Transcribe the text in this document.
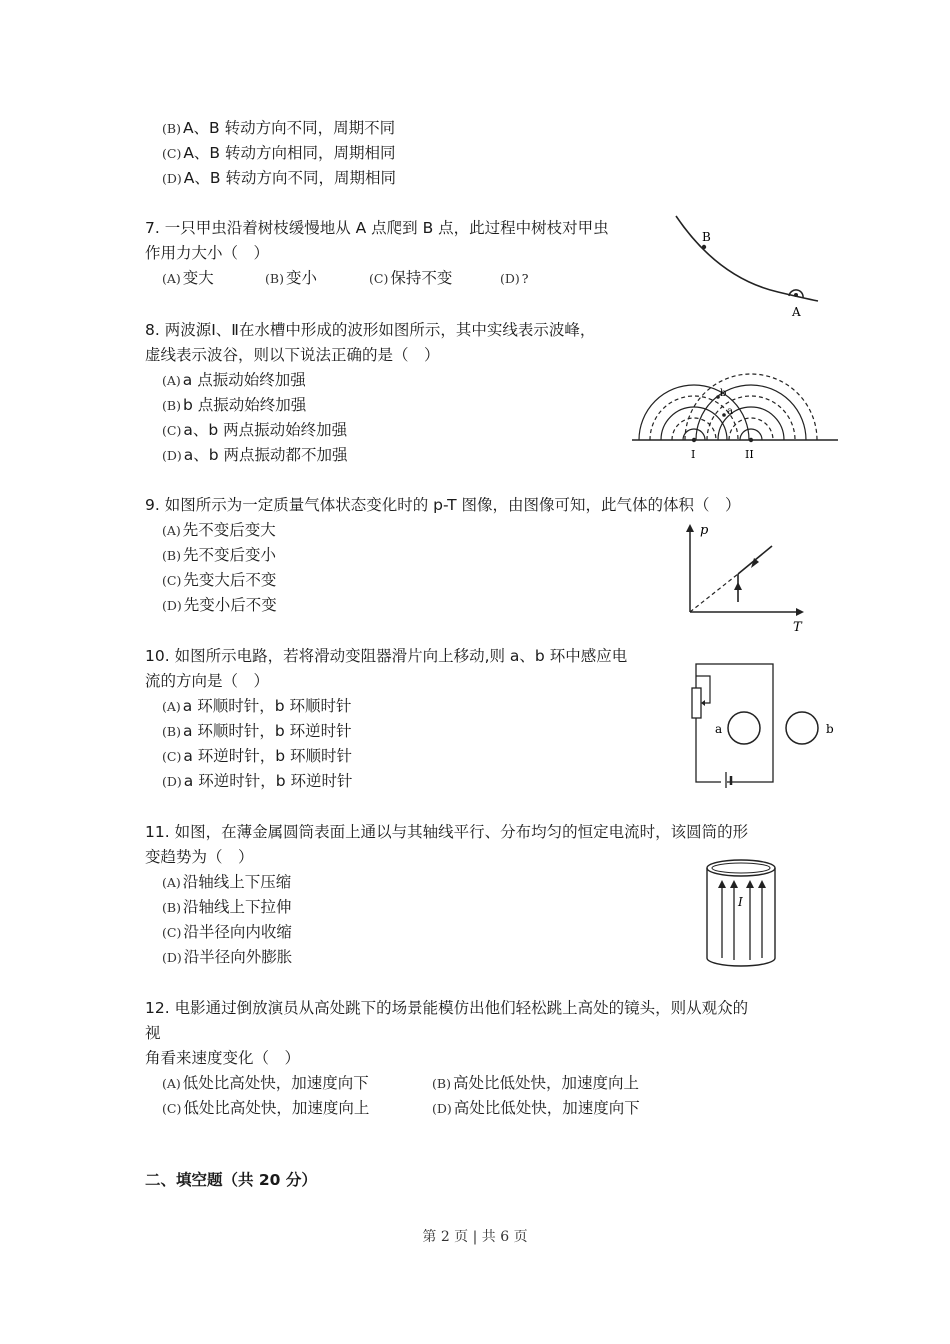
(B) A、B 转动方向不同，周期不同
(C) A、B 转动方向相同，周期相同
(D) A、B 转动方向不同，周期相同
7. 一只甲虫沿着树枝缓慢地从 A 点爬到 B 点，此过程中树枝对甲虫
作用力大小（　）
(A) 变大	(B) 变小	(C) 保持不变	(D) ?
B
A
8. 两波源Ⅰ、Ⅱ在水槽中形成的波形如图所示，其中实线表示波峰，
虚线表示波谷，则以下说法正确的是（　）
(A) a 点振动始终加强
(B) b 点振动始终加强
(C) a、b 两点振动始终加强
(D) a、b 两点振动都不加强
a
b
I	II
9. 如图所示为一定质量气体状态变化时的 p-T 图像，由图像可知，此气体的体积（　）
(A) 先不变后变大
(B) 先不变后变小
(C) 先变大后不变
(D) 先变小后不变
p
T
10. 如图所示电路，若将滑动变阻器滑片向上移动,则 a、b 环中感应电
流的方向是（　）
(A) a 环顺时针，b 环顺时针
(B) a 环顺时针，b 环逆时针
(C) a 环逆时针，b 环顺时针
(D) a 环逆时针，b 环逆时针
a	b
11. 如图，在薄金属圆筒表面上通以与其轴线平行、分布均匀的恒定电流时，该圆筒的形
变趋势为（　）
(A) 沿轴线上下压缩
(B) 沿轴线上下拉伸
(C) 沿半径向内收缩
(D) 沿半径向外膨胀
I
12. 电影通过倒放演员从高处跳下的场景能模仿出他们轻松跳上高处的镜头，则从观众的
视
角看来速度变化（　）
(A) 低处比高处快，加速度向下	(B) 高处比低处快，加速度向上
(C) 低处比高处快，加速度向上	(D) 高处比低处快，加速度向下
二、填空题（共 20 分）
第 2 页 | 共 6 页
